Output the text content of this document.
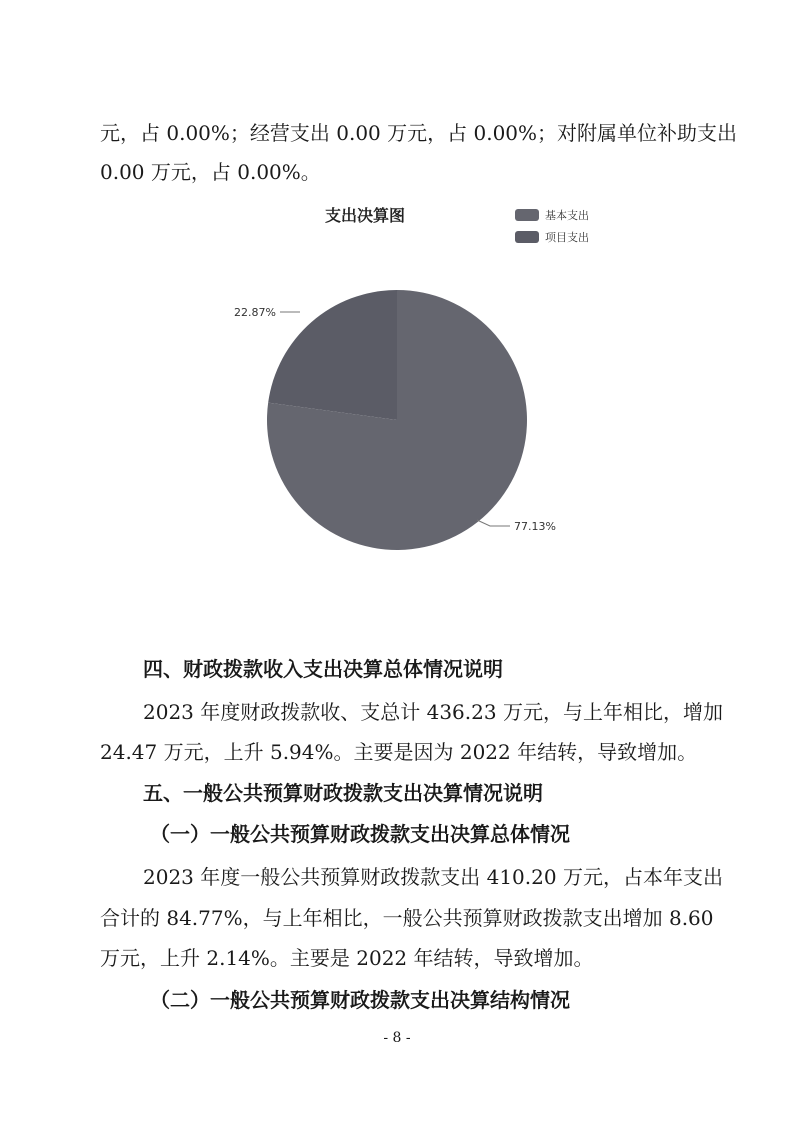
元，占 0.00%；经营支出 0.00 万元，占 0.00%；对附属单位补助支出
0.00 万元，占 0.00%。
支出决算图	基本支出
项目支出
22.87%
77.13%
四、财政拨款收入支出决算总体情况说明
2023 年度财政拨款收、支总计 436.23 万元，与上年相比，增加
24.47 万元，上升 5.94%。主要是因为 2022 年结转，导致增加。
五、一般公共预算财政拨款支出决算情况说明
（一）一般公共预算财政拨款支出决算总体情况
2023 年度一般公共预算财政拨款支出 410.20 万元，占本年支出
合计的 84.77%，与上年相比，一般公共预算财政拨款支出增加 8.60
万元，上升 2.14%。主要是 2022 年结转，导致增加。
（二）一般公共预算财政拨款支出决算结构情况
- 8 -
